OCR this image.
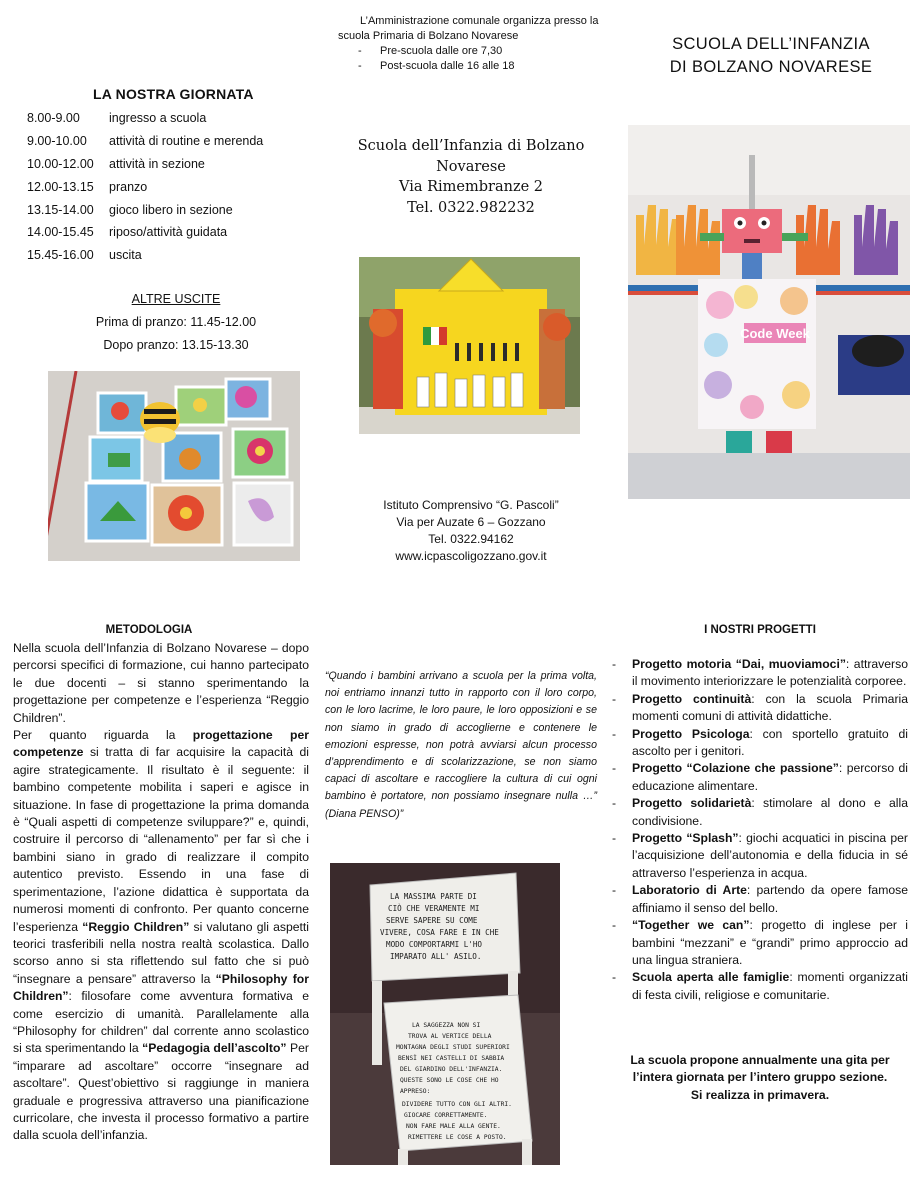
LA NOSTRA GIORNATA
8.00-9.00	ingresso a scuola
9.00-10.00	attività di routine e merenda
10.00-12.00	attività in sezione
12.00-13.15	pranzo
13.15-14.00	gioco libero in sezione
14.00-15.45	riposo/attività guidata
15.45-16.00	uscita
ALTRE USCITE
Prima di pranzo: 11.45-12.00
Dopo pranzo: 13.15-13.30
L’Amministrazione comunale organizza presso la
scuola Primaria di Bolzano Novarese
-	Pre-scuola dalle ore 7,30
-	Post-scuola dalle 16 alle 18
Scuola dell’Infanzia di Bolzano
Novarese
Via Rimembranze 2
Tel. 0322.982232
Istituto Comprensivo “G. Pascoli”
Via per Auzate 6 – Gozzano
Tel. 0322.94162
www.icpascoligozzano.gov.it
SCUOLA DELL’INFANZIA
DI BOLZANO NOVARESE
Code Week
METODOLOGIA

Nella scuola dell’Infanzia di Bolzano Novarese – dopo percorsi specifici di formazione, cui hanno partecipato le due docenti – si stanno sperimentando la progettazione per competenze e l’esperienza “Reggio Children”.

Per quanto riguarda la progettazione per competenze si tratta di far acquisire la capacità di agire strategicamente. Il risultato è il seguente: il bambino competente mobilita i saperi e agisce in situazione. In fase di progettazione la prima domanda è “Quali aspetti di competenze sviluppare?” e, quindi, costruire il percorso di “allenamento” per far sì che i bambini siano in grado di realizzare il compito autentico previsto. Essendo in una fase di sperimentazione, l’azione didattica è supportata da numerosi momenti di confronto. Per quanto concerne l’esperienza “Reggio Children” si valutano gli aspetti teorici trasferibili nella nostra realtà scolastica. Dallo scorso anno si sta riflettendo sul fatto che si può “insegnare a pensare” attraverso la “Philosophy for Children”: filosofare come avventura formativa e come esercizio di umanità. Parallelamente alla “Philosophy for children” dal corrente anno scolastico si sta sperimentando la “Pedagogia dell’ascolto” Per “imparare ad ascoltare” occorre “insegnare ad ascoltare”. Quest’obiettivo si raggiunge in maniera graduale e progressiva attraverso una pianificazione curricolare, che investa il processo formativo a partire dalla scuola dell’infanzia.

“Quando i bambini arrivano a scuola per la prima volta, noi entriamo innanzi tutto in rapporto con il loro corpo, con le loro lacrime, le loro paure, le loro opposizioni e se non siamo in grado di accoglierne e contenere le emozioni espresse, non potrà avviarsi alcun processo d’apprendimento e di scolarizzazione, se non siamo capaci di ascoltare e raccogliere la cultura di cui ogni bambino è portatore, non possiamo insegnare nulla …” (Diana PENSO)”
LA MASSIMA PARTE DI
CIÒ CHE VERAMENTE MI
SERVE SAPERE SU COME
VIVERE, COSA FARE E IN CHE
MODO COMPORTARMI L'HO
IMPARATO ALL' ASILO.
LA SAGGEZZA NON SI
TROVA AL VERTICE DELLA
MONTAGNA DEGLI STUDI SUPERIORI
BENSÌ NEI CASTELLI DI SABBIA
DEL GIARDINO DELL'INFANZIA.
QUESTE SONO LE COSE CHE HO
APPRESO:
DIVIDERE TUTTO CON GLI ALTRI.
GIOCARE CORRETTAMENTE.
NON FARE MALE ALLA GENTE.
RIMETTERE LE COSE A POSTO.
I NOSTRI PROGETTI
-	Progetto motoria “Dai, muoviamoci”: attraverso il movimento interiorizzare le potenzialità corporee.
-	Progetto continuità: con la scuola Primaria momenti comuni di attività didattiche.
-	Progetto Psicologa: con sportello gratuito di ascolto per i genitori.
-	Progetto “Colazione che passione”: percorso di educazione alimentare.
-	Progetto solidarietà: stimolare al dono e alla condivisione.
-	Progetto “Splash”: giochi acquatici in piscina per l’acquisizione dell’autonomia e della fiducia in sé attraverso l’esperienza in acqua.
-	Laboratorio di Arte: partendo da opere famose affiniamo il senso del bello.
-	“Together we can”: progetto di inglese per i bambini “mezzani” e “grandi” primo approccio ad una lingua straniera.
-	Scuola aperta alle famiglie: momenti organizzati di festa civili, religiose e comunitarie.
La scuola propone annualmente una gita per
l’intera giornata per l’intero gruppo sezione.
Si realizza in primavera.
